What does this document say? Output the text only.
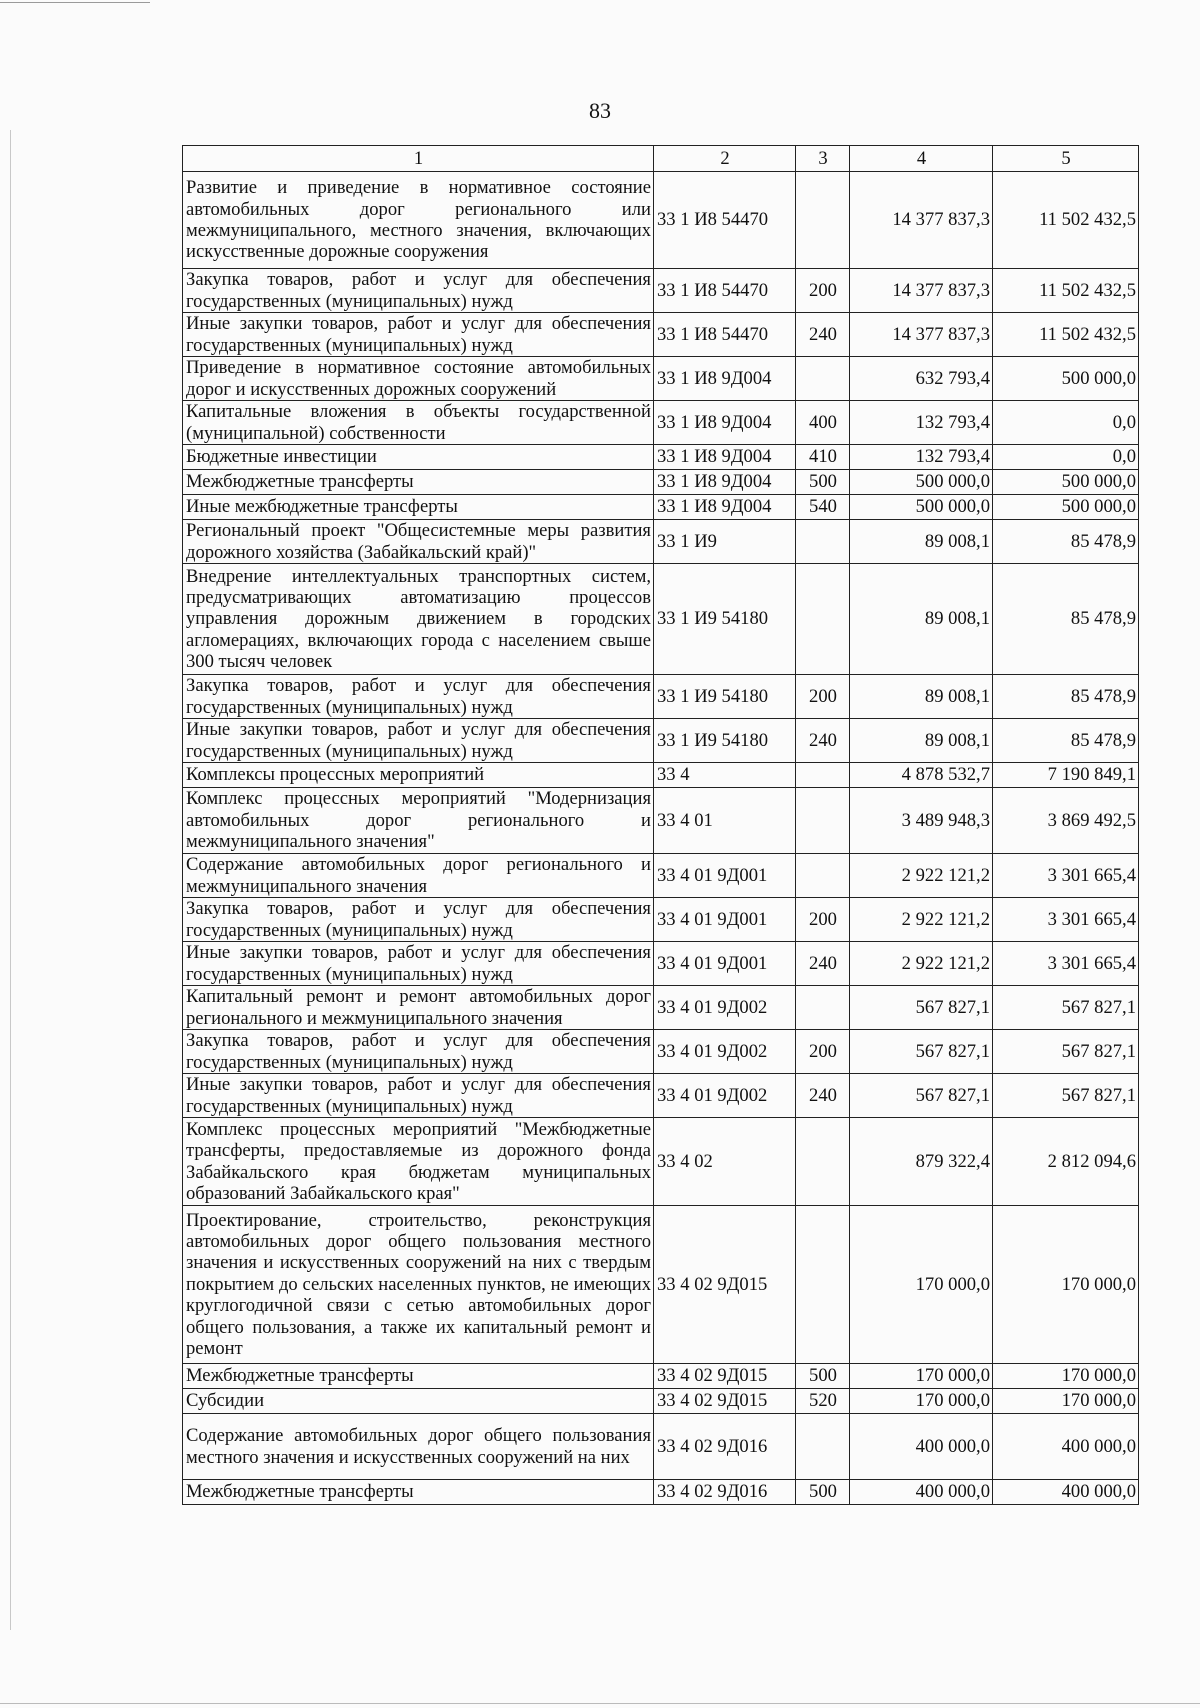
83
1	2	3	4	5
Развитие и приведение в нормативное состояние автомобильных дорог регионального или межмуниципального, местного значения, включающих искусственные дорожные сооружения	33 1 И8 54470		14 377 837,3	11 502 432,5
Закупка товаров, работ и услуг для обеспечения государственных (муниципальных) нужд	33 1 И8 54470	200	14 377 837,3	11 502 432,5
Иные закупки товаров, работ и услуг для обеспечения государственных (муниципальных) нужд	33 1 И8 54470	240	14 377 837,3	11 502 432,5
Приведение в нормативное состояние автомобильных дорог и искусственных дорожных сооружений	33 1 И8 9Д004		632 793,4	500 000,0
Капитальные вложения в объекты государственной (муниципальной) собственности	33 1 И8 9Д004	400	132 793,4	0,0
Бюджетные инвестиции	33 1 И8 9Д004	410	132 793,4	0,0
Межбюджетные трансферты	33 1 И8 9Д004	500	500 000,0	500 000,0
Иные межбюджетные трансферты	33 1 И8 9Д004	540	500 000,0	500 000,0
Региональный проект "Общесистемные меры развития дорожного хозяйства (Забайкальский край)"	33 1 И9		89 008,1	85 478,9
Внедрение интеллектуальных транспортных систем, предусматривающих автоматизацию процессов управления дорожным движением в городских агломерациях, включающих города с населением свыше 300 тысяч человек	33 1 И9 54180		89 008,1	85 478,9
Закупка товаров, работ и услуг для обеспечения государственных (муниципальных) нужд	33 1 И9 54180	200	89 008,1	85 478,9
Иные закупки товаров, работ и услуг для обеспечения государственных (муниципальных) нужд	33 1 И9 54180	240	89 008,1	85 478,9
Комплексы процессных мероприятий	33 4		4 878 532,7	7 190 849,1
Комплекс процессных мероприятий "Модернизация автомобильных дорог регионального и межмуниципального значения"	33 4 01		3 489 948,3	3 869 492,5
Содержание автомобильных дорог регионального и межмуниципального значения	33 4 01 9Д001		2 922 121,2	3 301 665,4
Закупка товаров, работ и услуг для обеспечения государственных (муниципальных) нужд	33 4 01 9Д001	200	2 922 121,2	3 301 665,4
Иные закупки товаров, работ и услуг для обеспечения государственных (муниципальных) нужд	33 4 01 9Д001	240	2 922 121,2	3 301 665,4
Капитальный ремонт и ремонт автомобильных дорог регионального и межмуниципального значения	33 4 01 9Д002		567 827,1	567 827,1
Закупка товаров, работ и услуг для обеспечения государственных (муниципальных) нужд	33 4 01 9Д002	200	567 827,1	567 827,1
Иные закупки товаров, работ и услуг для обеспечения государственных (муниципальных) нужд	33 4 01 9Д002	240	567 827,1	567 827,1
Комплекс процессных мероприятий "Межбюджетные трансферты, предоставляемые из дорожного фонда Забайкальского края бюджетам муниципальных образований Забайкальского края"	33 4 02		879 322,4	2 812 094,6
Проектирование, строительство, реконструкция автомобильных дорог общего пользования местного значения и искусственных сооружений на них с твердым покрытием до сельских населенных пунктов, не имеющих круглогодичной связи с сетью автомобильных дорог общего пользования, а также их капитальный ремонт и ремонт	33 4 02 9Д015		170 000,0	170 000,0
Межбюджетные трансферты	33 4 02 9Д015	500	170 000,0	170 000,0
Субсидии	33 4 02 9Д015	520	170 000,0	170 000,0
Содержание автомобильных дорог общего пользования местного значения и искусственных сооружений на них	33 4 02 9Д016		400 000,0	400 000,0
Межбюджетные трансферты	33 4 02 9Д016	500	400 000,0	400 000,0
